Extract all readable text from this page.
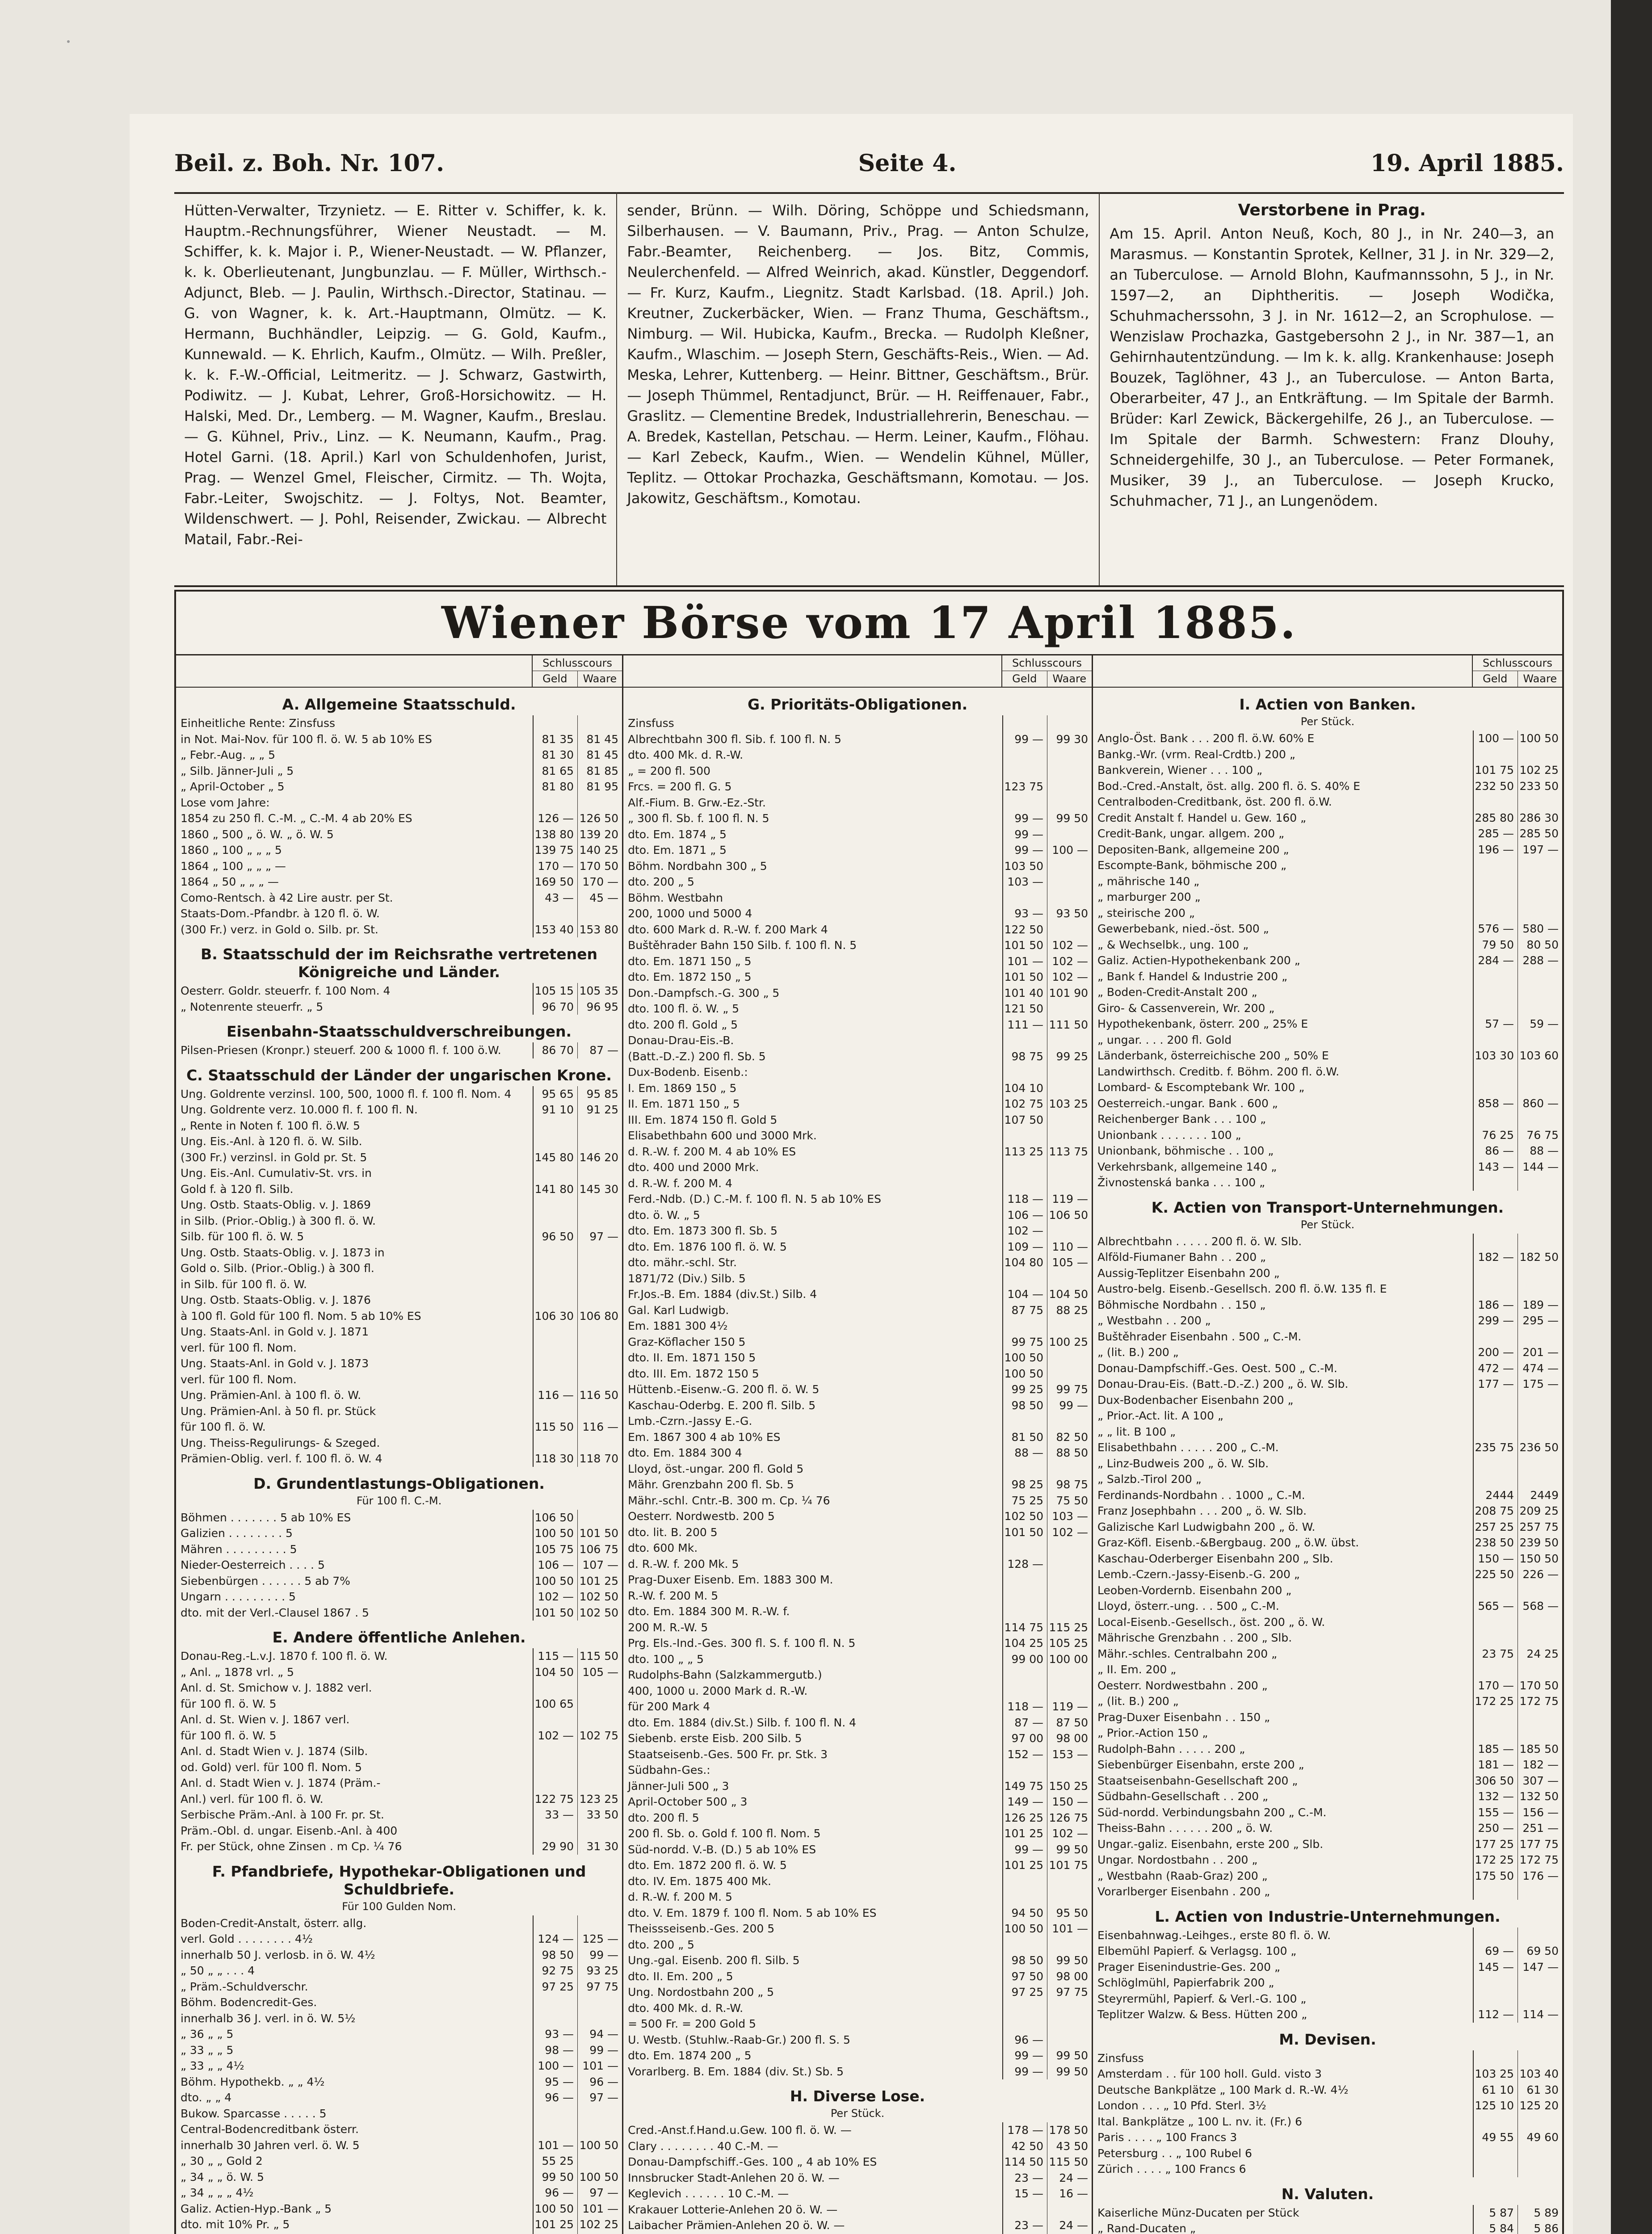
Beil. z. Boh. Nr. 107.	Seite 4.	19. April 1885.
Hütten-Verwalter, Trzynietz. — E. Ritter v. Schiffer, k. k. Hauptm.-Rechnungsführer, Wiener Neustadt. — M. Schiffer, k. k. Major i. P., Wiener-Neustadt. — W. Pflanzer, k. k. Oberlieutenant, Jungbunzlau. — F. Müller, Wirthsch.-Adjunct, Bleb. — J. Paulin, Wirthsch.-Director, Statinau. — G. von Wagner, k. k. Art.-Hauptmann, Olmütz. — K. Hermann, Buchhändler, Leipzig. — G. Gold, Kaufm., Kunnewald. — K. Ehrlich, Kaufm., Olmütz. — Wilh. Preßler, k. k. F.-W.-Official, Leitmeritz. — J. Schwarz, Gastwirth, Podiwitz. — J. Kubat, Lehrer, Groß-Horsichowitz. — H. Halski, Med. Dr., Lemberg. — M. Wagner, Kaufm., Breslau. — G. Kühnel, Priv., Linz. — K. Neumann, Kaufm., Prag. Hotel Garni. (18. April.) Karl von Schuldenhofen, Jurist, Prag. — Wenzel Gmel, Fleischer, Cirmitz. — Th. Wojta, Fabr.-Leiter, Swojschitz. — J. Foltys, Not. Beamter, Wildenschwert. — J. Pohl, Reisender, Zwickau. — Albrecht Matail, Fabr.-Rei-
sender, Brünn. — Wilh. Döring, Schöppe und Schiedsmann, Silberhausen. — V. Baumann, Priv., Prag. — Anton Schulze, Fabr.-Beamter, Reichenberg. — Jos. Bitz, Commis, Neulerchenfeld. — Alfred Weinrich, akad. Künstler, Deggendorf. — Fr. Kurz, Kaufm., Liegnitz. Stadt Karlsbad. (18. April.) Joh. Kreutner, Zuckerbäcker, Wien. — Franz Thuma, Geschäftsm., Nimburg. — Wil. Hubicka, Kaufm., Brecka. — Rudolph Kleßner, Kaufm., Wlaschim. — Joseph Stern, Geschäfts-Reis., Wien. — Ad. Meska, Lehrer, Kuttenberg. — Heinr. Bittner, Geschäftsm., Brür. — Joseph Thümmel, Rentadjunct, Brür. — H. Reiffenauer, Fabr., Graslitz. — Clementine Bredek, Industriallehrerin, Beneschau. — A. Bredek, Kastellan, Petschau. — Herm. Leiner, Kaufm., Flöhau. — Karl Zebeck, Kaufm., Wien. — Wendelin Kühnel, Müller, Teplitz. — Ottokar Prochazka, Geschäftsmann, Komotau. — Jos. Jakowitz, Geschäftsm., Komotau.
Verstorbene in Prag.
Am 15. April. Anton Neuß, Koch, 80 J., in Nr. 240—3, an Marasmus. — Konstantin Sprotek, Kellner, 31 J. in Nr. 329—2, an Tuberculose. — Arnold Blohn, Kaufmannssohn, 5 J., in Nr. 1597—2, an Diphtheritis. — Joseph Wodička, Schuhmacherssohn, 3 J. in Nr. 1612—2, an Scrophulose. — Wenzislaw Prochazka, Gastgebersohn 2 J., in Nr. 387—1, an Gehirnhautentzündung. — Im k. k. allg. Krankenhause: Joseph Bouzek, Taglöhner, 43 J., an Tuberculose. — Anton Barta, Oberarbeiter, 47 J., an Entkräftung. — Im Spitale der Barmh. Brüder: Karl Zewick, Bäckergehilfe, 26 J., an Tuberculose. — Im Spitale der Barmh. Schwestern: Franz Dlouhy, Schneidergehilfe, 30 J., an Tuberculose. — Peter Formanek, Musiker, 39 J., an Tuberculose. — Joseph Krucko, Schuhmacher, 71 J., an Lungenödem.
Wiener Börse vom 17 April 1885.
Schlusscours
Geld	Waare
A. Allgemeine Staatsschuld.
Einheitliche Rente: Zinsfuss
in Not. Mai-Nov. für 100 fl. ö. W. 5 ab 10% ES	81 35	81 45
„ Febr.-Aug. „ „ 5	81 30	81 45
„ Silb. Jänner-Juli „ 5	81 65	81 85
„ April-October „ 5	81 80	81 95
Lose vom Jahre:
1854 zu 250 fl. C.-M. „ C.-M. 4 ab 20% ES	126 — 126 50
1860 „ 500 „ ö. W. „ ö. W. 5	138 80 139 20
1860 „ 100 „ „ „ 5	139 75 140 25
1864 „ 100 „ „ „ —	170 — 170 50
1864 „ 50 „ „ „ —	169 50 170 —
Como-Rentsch. à 42 Lire austr. per St.	43 —	45 —
Staats-Dom.-Pfandbr. à 120 fl. ö. W.
(300 Fr.) verz. in Gold o. Silb. pr. St.	153 40 153 80
B. Staatsschuld der im Reichsrathe vertretenen Königreiche und Länder.
Oesterr. Goldr. steuerfr. f. 100 Nom. 4	105 15 105 35
„ Notenrente steuerfr. „ 5	96 70	96 95
Eisenbahn-Staatsschuldverschreibungen.
Pilsen-Priesen (Kronpr.) steuerf. 200 & 1000 fl. f. 100 ö.W.	86 70	87 —
C. Staatsschuld der Länder der ungarischen Krone.
Ung. Goldrente verzinsl. 100, 500, 1000 fl. f. 100 fl. Nom. 4	95 65	95 85
Ung. Goldrente verz. 10.000 fl. f. 100 fl. N.	91 10	91 25
„ Rente in Noten f. 100 fl. ö.W. 5
Ung. Eis.-Anl. à 120 fl. ö. W. Silb.
(300 Fr.) verzinsl. in Gold pr. St. 5	145 80 146 20
Ung. Eis.-Anl. Cumulativ-St. vrs. in
Gold f. à 120 fl. Silb.	141 80 145 30
Ung. Ostb. Staats-Oblig. v. J. 1869
in Silb. (Prior.-Oblig.) à 300 fl. ö. W.
Silb. für 100 fl. ö. W. 5	96 50	97 —
Ung. Ostb. Staats-Oblig. v. J. 1873 in
Gold o. Silb. (Prior.-Oblig.) à 300 fl.
in Silb. für 100 fl. ö. W.
Ung. Ostb. Staats-Oblig. v. J. 1876
à 100 fl. Gold für 100 fl. Nom. 5 ab 10% ES	106 30 106 80
Ung. Staats-Anl. in Gold v. J. 1871
verl. für 100 fl. Nom.
Ung. Staats-Anl. in Gold v. J. 1873
verl. für 100 fl. Nom.
Ung. Prämien-Anl. à 100 fl. ö. W.	116 — 116 50
Ung. Prämien-Anl. à 50 fl. pr. Stück
für 100 fl. ö. W.	115 50 116 —
Ung. Theiss-Regulirungs- & Szeged.
Prämien-Oblig. verl. f. 100 fl. ö. W. 4	118 30 118 70
D. Grundentlastungs-Obligationen.
Für 100 fl. C.-M.
Böhmen . . . . . . . 5 ab 10% ES	106 50
Galizien . . . . . . . . 5	100 50 101 50
Mähren . . . . . . . . . 5	105 75 106 75
Nieder-Oesterreich . . . . 5	106 — 107 —
Siebenbürgen . . . . . . 5 ab 7%	100 50 101 25
Ungarn . . . . . . . . . 5	102 — 102 50
dto. mit der Verl.-Clausel 1867 . 5	101 50 102 50
E. Andere öffentliche Anlehen.
Donau-Reg.-L.v.J. 1870 f. 100 fl. ö. W.	115 — 115 50
„ Anl. „ 1878 vrl. „ 5	104 50 105 —
Anl. d. St. Smichow v. J. 1882 verl.
für 100 fl. ö. W. 5	100 65
Anl. d. St. Wien v. J. 1867 verl.
für 100 fl. ö. W. 5	102 — 102 75
Anl. d. Stadt Wien v. J. 1874 (Silb.
od. Gold) verl. für 100 fl. Nom. 5
Anl. d. Stadt Wien v. J. 1874 (Präm.-
Anl.) verl. für 100 fl. ö. W.	122 75 123 25
Serbische Präm.-Anl. à 100 Fr. pr. St.	33 —	33 50
Präm.-Obl. d. ungar. Eisenb.-Anl. à 400
Fr. per Stück, ohne Zinsen . m Cp. ¼ 76	29 90	31 30
F. Pfandbriefe, Hypothekar-Obligationen und Schuldbriefe.
Für 100 Gulden Nom.
Boden-Credit-Anstalt, österr. allg.
verl. Gold . . . . . . . . 4½	124 — 125 —
innerhalb 50 J. verlosb. in ö. W. 4½	98 50	99 —
„ 50 „ „ . . . 4	92 75	93 25
„ Präm.-Schuldverschr.	97 25	97 75
Böhm. Bodencredit-Ges.
innerhalb 36 J. verl. in ö. W. 5½
„ 36 „ „ 5	93 —	94 —
„ 33 „ „ 5	98 —	99 —
„ 33 „ „ 4½	100 — 101 —
Böhm. Hypothekb. „ „ 4½	95 —	96 —
dto. „ „ 4	96 —	97 —
Bukow. Sparcasse . . . . . 5
Central-Bodencreditbank österr.
innerhalb 30 Jahren verl. ö. W. 5	101 — 100 50
„ 30 „ „ Gold 2	55 25
„ 34 „ „ ö. W. 5	99 50 100 50
„ 34 „ „ „ 4½	96 —	97 —
Galiz. Actien-Hyp.-Bank „ 5	100 50 101 —
dto. mit 10% Pr. „ 5	101 25 102 25
Schlusscours
Geld	Waare
G. Prioritäts-Obligationen.
Zinsfuss
Albrechtbahn 300 fl. Sib. f. 100 fl. N. 5	99 —	99 30
dto. 400 Mk. d. R.-W.
„ = 200 fl. 500
Frcs. = 200 fl. G. 5	123 75
Alf.-Fium. B. Grw.-Ez.-Str.
„ 300 fl. Sb. f. 100 fl. N. 5	99 —	99 50
dto. Em. 1874 „ 5	99 —
dto. Em. 1871 „ 5	99 — 100 —
Böhm. Nordbahn 300 „ 5	103 50
dto. 200 „ 5	103 —
Böhm. Westbahn
200, 1000 und 5000 4	93 —	93 50
dto. 600 Mark d. R.-W. f. 200 Mark 4	122 50
Buštěhrader Bahn 150 Silb. f. 100 fl. N. 5	101 50 102 —
dto. Em. 1871 150 „ 5	101 — 102 —
dto. Em. 1872 150 „ 5	101 50 102 —
Don.-Dampfsch.-G. 300 „ 5	101 40 101 90
dto. 100 fl. ö. W. „ 5	121 50
dto. 200 fl. Gold „ 5	111 — 111 50
Donau-Drau-Eis.-B.
(Batt.-D.-Z.) 200 fl. Sb. 5	98 75	99 25
Dux-Bodenb. Eisenb.:
I. Em. 1869 150 „ 5	104 10
II. Em. 1871 150 „ 5	102 75 103 25
III. Em. 1874 150 fl. Gold 5	107 50
Elisabethbahn 600 und 3000 Mrk.
d. R.-W. f. 200 M. 4 ab 10% ES	113 25 113 75
dto. 400 und 2000 Mrk.
d. R.-W. f. 200 M. 4
Ferd.-Ndb. (D.) C.-M. f. 100 fl. N. 5 ab 10% ES	118 — 119 —
dto. ö. W. „ 5	106 — 106 50
dto. Em. 1873 300 fl. Sb. 5	102 —
dto. Em. 1876 100 fl. ö. W. 5	109 — 110 —
dto. mähr.-schl. Str.	104 80 105 —
1871/72 (Div.) Silb. 5
Fr.Jos.-B. Em. 1884 (div.St.) Silb. 4	104 — 104 50
Gal. Karl Ludwigb.	87 75	88 25
Em. 1881 300 4½
Graz-Köflacher 150 5	99 75 100 25
dto. II. Em. 1871 150 5	100 50
dto. III. Em. 1872 150 5	100 50
Hüttenb.-Eisenw.-G. 200 fl. ö. W. 5	99 25	99 75
Kaschau-Oderbg. E. 200 fl. Silb. 5	98 50	99 —
Lmb.-Czrn.-Jassy E.-G.
Em. 1867 300 4 ab 10% ES	81 50	82 50
dto. Em. 1884 300 4	88 —	88 50
Lloyd, öst.-ungar. 200 fl. Gold 5
Mähr. Grenzbahn 200 fl. Sb. 5	98 25	98 75
Mähr.-schl. Cntr.-B. 300 m. Cp. ¼ 76	75 25	75 50
Oesterr. Nordwestb. 200 5	102 50 103 —
dto. lit. B. 200 5	101 50 102 —
dto. 600 Mk.
d. R.-W. f. 200 Mk. 5	128 —
Prag-Duxer Eisenb. Em. 1883 300 M.
R.-W. f. 200 M. 5
dto. Em. 1884 300 M. R.-W. f.
200 M. R.-W. 5	114 75 115 25
Prg. Els.-Ind.-Ges. 300 fl. S. f. 100 fl. N. 5	104 25 105 25
dto. 100 „ „ 5	99 00 100 00
Rudolphs-Bahn (Salzkammergutb.)
400, 1000 u. 2000 Mark d. R.-W.
für 200 Mark 4	118 — 119 —
dto. Em. 1884 (div.St.) Silb. f. 100 fl. N. 4	87 —	87 50
Siebenb. erste Eisb. 200 Silb. 5	97 00	98 00
Staatseisenb.-Ges. 500 Fr. pr. Stk. 3	152 — 153 —
Südbahn-Ges.:
Jänner-Juli 500 „ 3	149 75 150 25
April-October 500 „ 3	149 — 150 —
dto. 200 fl. 5	126 25 126 75
200 fl. Sb. o. Gold f. 100 fl. Nom. 5	101 25 102 —
Süd-nordd. V.-B. (D.) 5 ab 10% ES	99 —	99 50
dto. Em. 1872 200 fl. ö. W. 5	101 25 101 75
dto. IV. Em. 1875 400 Mk.
d. R.-W. f. 200 M. 5
dto. V. Em. 1879 f. 100 fl. Nom. 5 ab 10% ES	94 50	95 50
Theissseisenb.-Ges. 200 5	100 50 101 —
dto. 200 „ 5
Ung.-gal. Eisenb. 200 fl. Silb. 5	98 50	99 50
dto. II. Em. 200 „ 5	97 50	98 00
Ung. Nordostbahn 200 „ 5	97 25	97 75
dto. 400 Mk. d. R.-W.
= 500 Fr. = 200 Gold 5
U. Westb. (Stuhlw.-Raab-Gr.) 200 fl. S. 5	96 —
dto. Em. 1874 200 „ 5	99 —	99 50
Vorarlberg. B. Em. 1884 (div. St.) Sb. 5	99 —	99 50
H. Diverse Lose.
Per Stück.
Cred.-Anst.f.Hand.u.Gew. 100 fl. ö. W. —	178 — 178 50
Clary . . . . . . . . 40 C.-M. —	42 50	43 50
Donau-Dampfschiff.-Ges. 100 „ 4 ab 10% ES	114 50 115 50
Innsbrucker Stadt-Anlehen 20 ö. W. —	23 —	24 —
Keglevich . . . . . . 10 C.-M. —	15 —	16 —
Krakauer Lotterie-Anlehen 20 ö. W. —
Laibacher Prämien-Anlehen 20 ö. W. —	23 —	24 —
Schlusscours
Geld	Waare
I. Actien von Banken.
Per Stück.
Anglo-Öst. Bank . . . 200 fl. ö.W. 60% E	100 — 100 50
Bankg.-Wr. (vrm. Real-Crdtb.) 200 „
Bankverein, Wiener . . . 100 „	101 75 102 25
Bod.-Cred.-Anstalt, öst. allg. 200 fl. ö. S. 40% E	232 50 233 50
Centralboden-Creditbank, öst. 200 fl. ö.W.
Credit Anstalt f. Handel u. Gew. 160 „	285 80 286 30
Credit-Bank, ungar. allgem. 200 „	285 — 285 50
Depositen-Bank, allgemeine 200 „	196 — 197 —
Escompte-Bank, böhmische 200 „
„ mährische 140 „
„ marburger 200 „
„ steirische 200 „
Gewerbebank, nied.-öst. 500 „	576 — 580 —
„ & Wechselbk., ung. 100 „	79 50	80 50
Galiz. Actien-Hypothekenbank 200 „	284 — 288 —
„ Bank f. Handel & Industrie 200 „
„ Boden-Credit-Anstalt 200 „
Giro- & Cassenverein, Wr. 200 „
Hypothekenbank, österr. 200 „ 25% E	57 —	59 —
„ ungar. . . . 200 fl. Gold
Länderbank, österreichische 200 „ 50% E	103 30 103 60
Landwirthsch. Creditb. f. Böhm. 200 fl. ö.W.
Lombard- & Escomptebank Wr. 100 „
Oesterreich.-ungar. Bank . 600 „	858 — 860 —
Reichenberger Bank . . . 100 „
Unionbank . . . . . . . 100 „	76 25	76 75
Unionbank, böhmische . . 100 „	86 —	88 —
Verkehrsbank, allgemeine 140 „	143 — 144 —
Živnostenská banka . . . 100 „
K. Actien von Transport-Unternehmungen.
Per Stück.
Albrechtbahn . . . . . 200 fl. ö. W. Slb.
Alföld-Fiumaner Bahn . . 200 „	182 — 182 50
Aussig-Teplitzer Eisenbahn 200 „
Austro-belg. Eisenb.-Gesellsch. 200 fl. ö.W. 135 fl. E
Böhmische Nordbahn . . 150 „	186 — 189 —
„ Westbahn . . 200 „	299 — 295 —
Buštěhrader Eisenbahn . 500 „ C.-M.
„ (lit. B.) 200 „	200 — 201 —
Donau-Dampfschiff.-Ges. Oest. 500 „ C.-M.	472 — 474 —
Donau-Drau-Eis. (Batt.-D.-Z.) 200 „ ö. W. Slb.	177 — 175 —
Dux-Bodenbacher Eisenbahn 200 „
„ Prior.-Act. lit. A 100 „
„ „ lit. B 100 „
Elisabethbahn . . . . . 200 „ C.-M.	235 75 236 50
„ Linz-Budweis 200 „ ö. W. Slb.
„ Salzb.-Tirol 200 „
Ferdinands-Nordbahn . . 1000 „ C.-M.	2444	2449
Franz Josephbahn . . . 200 „ ö. W. Slb.	208 75 209 25
Galizische Karl Ludwigbahn 200 „ ö. W.	257 25 257 75
Graz-Köfl. Eisenb.-&Bergbaug. 200 „ ö.W. übst.	238 50 239 50
Kaschau-Oderberger Eisenbahn 200 „ Slb.	150 — 150 50
Lemb.-Czern.-Jassy-Eisenb.-G. 200 „	225 50 226 —
Leoben-Vordernb. Eisenbahn 200 „
Lloyd, österr.-ung. . . 500 „ C.-M.	565 — 568 —
Local-Eisenb.-Gesellsch., öst. 200 „ ö. W.
Mährische Grenzbahn . . 200 „ Slb.
Mähr.-schles. Centralbahn 200 „	23 75	24 25
„ II. Em. 200 „
Oesterr. Nordwestbahn . 200 „	170 — 170 50
„ (lit. B.) 200 „	172 25 172 75
Prag-Duxer Eisenbahn . . 150 „
„ Prior.-Action 150 „
Rudolph-Bahn . . . . . 200 „	185 — 185 50
Siebenbürger Eisenbahn, erste 200 „	181 — 182 —
Staatseisenbahn-Gesellschaft 200 „	306 50 307 —
Südbahn-Gesellschaft . . 200 „	132 — 132 50
Süd-nordd. Verbindungsbahn 200 „ C.-M.	155 — 156 —
Theiss-Bahn . . . . . . 200 „ ö. W.	250 — 251 —
Ungar.-galiz. Eisenbahn, erste 200 „ Slb.	177 25 177 75
Ungar. Nordostbahn . . 200 „	172 25 172 75
„ Westbahn (Raab-Graz) 200 „	175 50 176 —
Vorarlberger Eisenbahn . 200 „
L. Actien von Industrie-Unternehmungen.
Eisenbahnwag.-Leihges., erste 80 fl. ö. W.
Elbemühl Papierf. & Verlagsg. 100 „	69 —	69 50
Prager Eisenindustrie-Ges. 200 „	145 — 147 —
Schlöglmühl, Papierfabrik 200 „
Steyrermühl, Papierf. & Verl.-G. 100 „
Teplitzer Walzw. & Bess. Hütten 200 „	112 — 114 —
M. Devisen.
Zinsfuss
Amsterdam . . für 100 holl. Guld. visto 3	103 25 103 40
Deutsche Bankplätze „ 100 Mark d. R.-W. 4½	61 10	61 30
London . . . „ 10 Pfd. Sterl. 3½	125 10 125 20
Ital. Bankplätze „ 100 L. nv. it. (Fr.) 6
Paris . . . . „ 100 Francs 3	49 55	49 60
Petersburg . . „ 100 Rubel 6
Zürich . . . . „ 100 Francs 6
N. Valuten.
Kaiserliche Münz-Ducaten per Stück	5 87	5 89
„ Rand-Ducaten „	5 84	5 86
